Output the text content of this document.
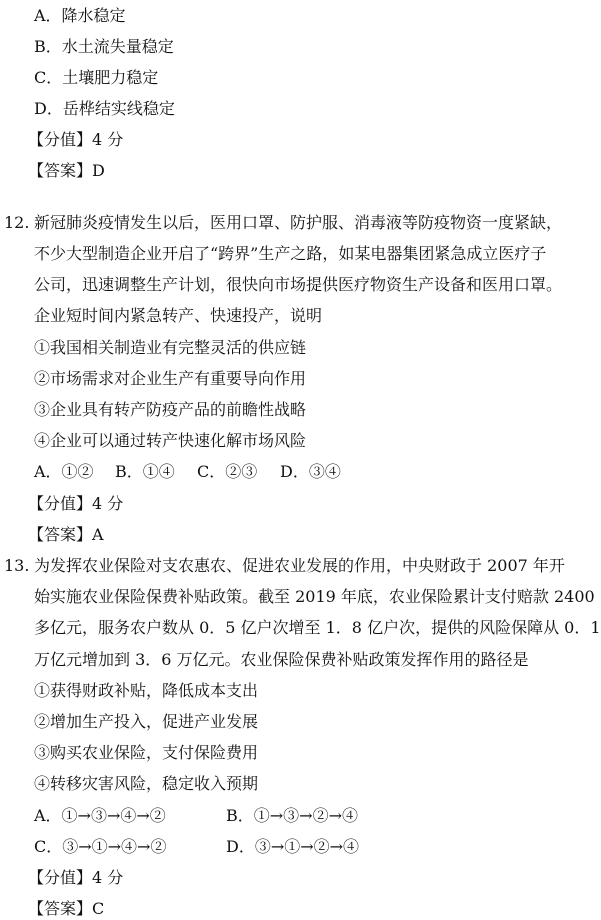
A．降水稳定
B．水土流失量稳定
C．土壤肥力稳定
D．岳桦结实线稳定
【分值】4 分
【答案】D
12. 新冠肺炎疫情发生以后，医用口罩、防护服、消毒液等防疫物资一度紧缺，
不少大型制造企业开启了“跨界”生产之路，如某电器集团紧急成立医疗子
公司，迅速调整生产计划，很快向市场提供医疗物资生产设备和医用口罩。
企业短时间内紧急转产、快速投产，说明
①我国相关制造业有完整灵活的供应链
②市场需求对企业生产有重要导向作用
③企业具有转产防疫产品的前瞻性战略
④企业可以通过转产快速化解市场风险
A．①② B．①④ C．②③ D．③④
【分值】4 分
【答案】A
13. 为发挥农业保险对支农惠农、促进农业发展的作用，中央财政于 2007 年开
始实施农业保险保费补贴政策。截至 2019 年底，农业保险累计支付赔款 2400
多亿元，服务农户数从 0．5 亿户次增至 1．8 亿户次，提供的风险保障从 0．1
万亿元增加到 3．6 万亿元。农业保险保费补贴政策发挥作用的路径是
①获得财政补贴，降低成本支出
②增加生产投入，促进产业发展
③购买农业保险，支付保险费用
④转移灾害风险，稳定收入预期
A．①→③→④→②	B．①→③→②→④
C．③→①→④→②	D．③→①→②→④
【分值】4 分
【答案】C
